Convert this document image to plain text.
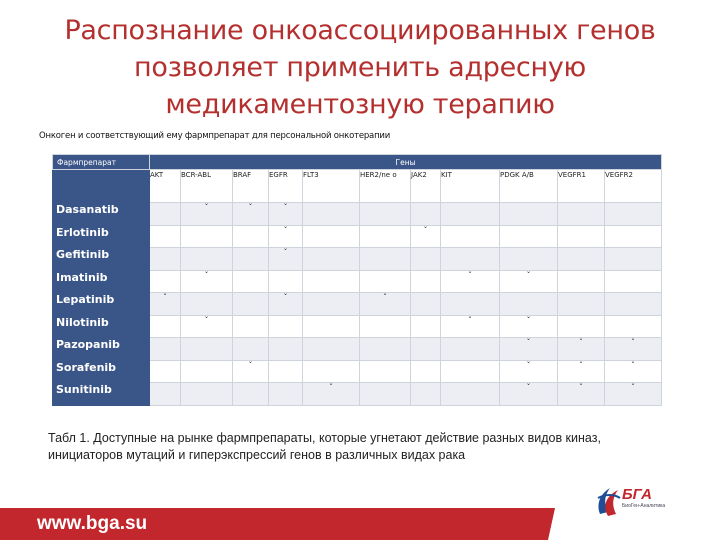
Распознание онкоассоциированных генов позволяет применить адресную медикаментозную терапию
Онкоген и соответствующий ему фармпрепарат для персональной онкотерапии
Фармпрепарат	Гены										
	AKT	BCR-ABL	BRAF	EGFR	FLT3	HER2/ne o	JAK2	KIT	PDGK A/B	VEGFR1	VEGFR2
Dasanatib		ˇ	ˇ	ˇ							
Erlotinib				ˇ			ˇ				
Gefitinib				ˇ							
Imatinib		ˇ						ˇ	ˇ		
Lepatinib	ˇ			ˇ		ˇ					
Nilotinib		ˇ						ˇ	ˇ		
Pazopanib									ˇ	ˇ	ˇ
Sorafenib			ˇ						ˇ	ˇ	ˇ
Sunitinib					ˇ				ˇ	ˇ	ˇ
Табл 1. Доступные на рынке фармпрепараты, которые угнетают действие разных видов киназ, инициаторов мутаций и гиперэкспрессий генов в различных видах рака
www.bga.su
БГА
БиоГен-Аналитика
